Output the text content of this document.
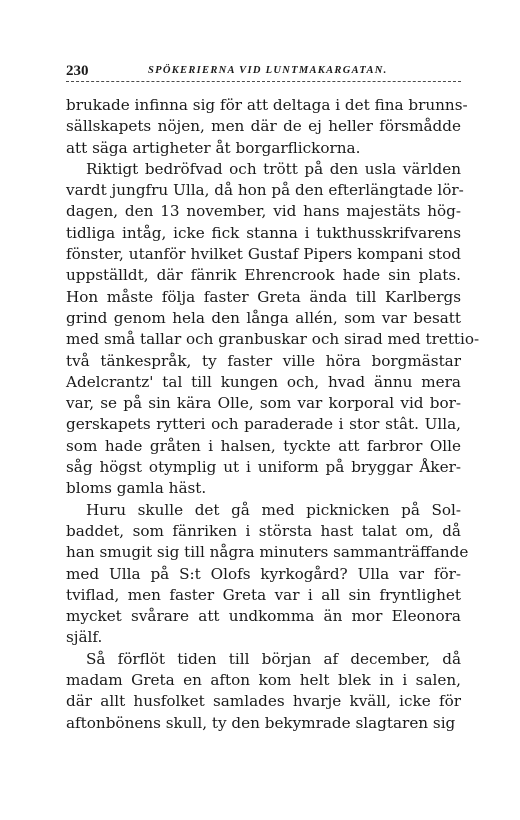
230	SPÖKERIERNA VID LUNTMAKARGATAN.
brukade infinna sig för att deltaga i det fina brunns-
sällskapets nöjen, men där de ej heller försmådde
att säga artigheter åt borgarflickorna.
Riktigt bedröfvad och trött på den usla världen
vardt jungfru Ulla, då hon på den efterlängtade lör-
dagen, den 13 november, vid hans majestäts hög-
tidliga intåg, icke fick stanna i tukthusskrifvarens
fönster, utanför hvilket Gustaf Pipers kompani stod
uppställdt, där fänrik Ehrencrook hade sin plats.
Hon måste följa faster Greta ända till Karlbergs
grind genom hela den långa allén, som var besatt
med små tallar och granbuskar och sirad med trettio-
två tänkespråk, ty faster ville höra borgmästar
Adelcrantz' tal till kungen och, hvad ännu mera
var, se på sin kära Olle, som var korporal vid bor-
gerskapets rytteri och paraderade i stor stât. Ulla,
som hade gråten i halsen, tyckte att farbror Olle
såg högst otymplig ut i uniform på bryggar Åker-
bloms gamla häst.
Huru skulle det gå med picknicken på Sol-
baddet, som fänriken i största hast talat om, då
han smugit sig till några minuters sammanträffande
med Ulla på S:t Olofs kyrkogård? Ulla var för-
tviflad, men faster Greta var i all sin fryntlighet
mycket svårare att undkomma än mor Eleonora
själf.
Så förflöt tiden till början af december, då
madam Greta en afton kom helt blek in i salen,
där allt husfolket samlades hvarje kväll, icke för
aftonbönens skull, ty den bekymrade slagtaren sig
